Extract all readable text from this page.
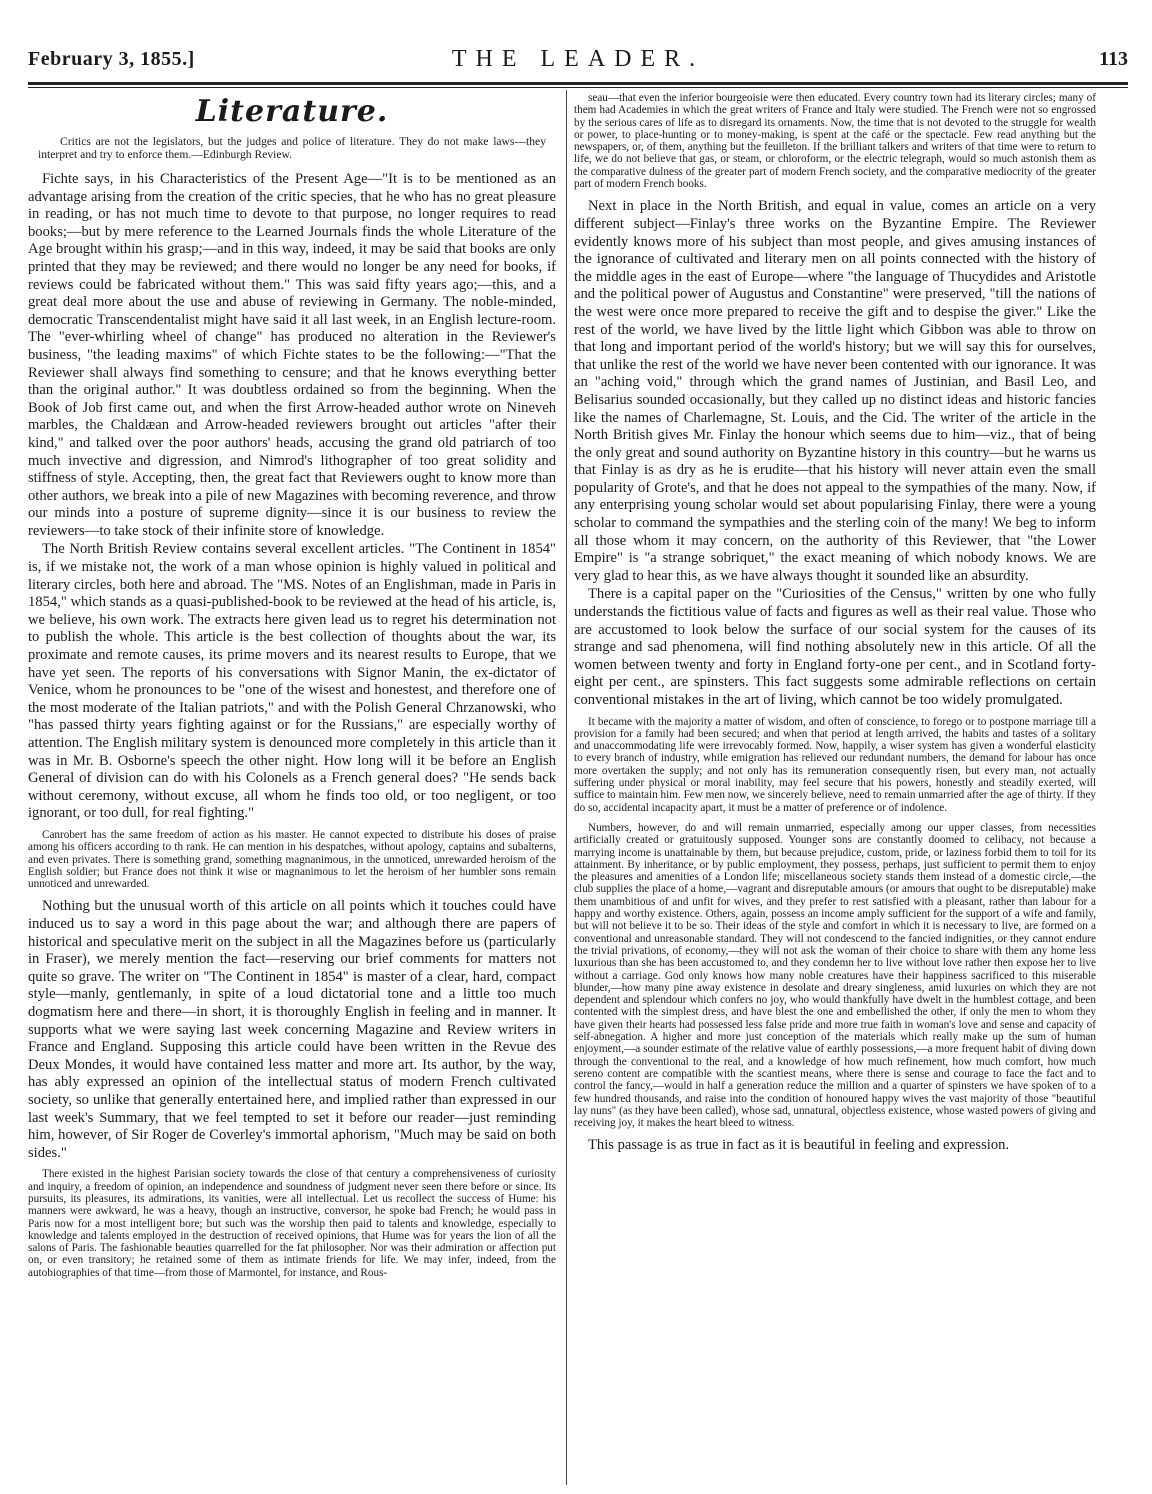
February 3, 1855.]	THE LEADER.	113
Literature.

Critics are not the legislators, but the judges and police of literature. They do not make laws—they interpret and try to enforce them.—Edinburgh Review.

Fichte says, in his Characteristics of the Present Age—"It is to be mentioned as an advantage arising from the creation of the critic species, that he who has no great pleasure in reading, or has not much time to devote to that purpose, no longer requires to read books;—but by mere reference to the Learned Journals finds the whole Literature of the Age brought within his grasp;—and in this way, indeed, it may be said that books are only printed that they may be reviewed; and there would no longer be any need for books, if reviews could be fabricated without them." This was said fifty years ago;—this, and a great deal more about the use and abuse of reviewing in Germany. The noble-minded, democratic Transcendentalist might have said it all last week, in an English lecture-room. The "ever-whirling wheel of change" has produced no alteration in the Reviewer's business, "the leading maxims" of which Fichte states to be the following:—"That the Reviewer shall always find something to censure; and that he knows everything better than the original author." It was doubtless ordained so from the beginning. When the Book of Job first came out, and when the first Arrow-headed author wrote on Nineveh marbles, the Chaldæan and Arrow-headed reviewers brought out articles "after their kind," and talked over the poor authors' heads, accusing the grand old patriarch of too much invective and digression, and Nimrod's lithographer of too great solidity and stiffness of style. Accepting, then, the great fact that Reviewers ought to know more than other authors, we break into a pile of new Magazines with becoming reverence, and throw our minds into a posture of supreme dignity—since it is our business to review the reviewers—to take stock of their infinite store of knowledge.

The North British Review contains several excellent articles. "The Continent in 1854" is, if we mistake not, the work of a man whose opinion is highly valued in political and literary circles, both here and abroad. The "MS. Notes of an Englishman, made in Paris in 1854," which stands as a quasi-published-book to be reviewed at the head of his article, is, we believe, his own work. The extracts here given lead us to regret his determination not to publish the whole. This article is the best collection of thoughts about the war, its proximate and remote causes, its prime movers and its nearest results to Europe, that we have yet seen. The reports of his conversations with Signor Manin, the ex-dictator of Venice, whom he pronounces to be "one of the wisest and honestest, and therefore one of the most moderate of the Italian patriots," and with the Polish General Chrzanowski, who "has passed thirty years fighting against or for the Russians," are especially worthy of attention. The English military system is denounced more completely in this article than it was in Mr. B. Osborne's speech the other night. How long will it be before an English General of division can do with his Colonels as a French general does? "He sends back without ceremony, without excuse, all whom he finds too old, or too negligent, or too ignorant, or too dull, for real fighting."

Canrobert has the same freedom of action as his master. He cannot expected to distribute his doses of praise among his officers according to th rank. He can mention in his despatches, without apology, captains and subalterns, and even privates. There is something grand, something magnanimous, in the unnoticed, unrewarded heroism of the English soldier; but France does not think it wise or magnanimous to let the heroism of her humbler sons remain unnoticed and unrewarded.

Nothing but the unusual worth of this article on all points which it touches could have induced us to say a word in this page about the war; and although there are papers of historical and speculative merit on the subject in all the Magazines before us (particularly in Fraser), we merely mention the fact—reserving our brief comments for matters not quite so grave. The writer on "The Continent in 1854" is master of a clear, hard, compact style—manly, gentlemanly, in spite of a loud dictatorial tone and a little too much dogmatism here and there—in short, it is thoroughly English in feeling and in manner. It supports what we were saying last week concerning Magazine and Review writers in France and England. Supposing this article could have been written in the Revue des Deux Mondes, it would have contained less matter and more art. Its author, by the way, has ably expressed an opinion of the intellectual status of modern French cultivated society, so unlike that generally entertained here, and implied rather than expressed in our last week's Summary, that we feel tempted to set it before our reader—just reminding him, however, of Sir Roger de Coverley's immortal aphorism, "Much may be said on both sides."

There existed in the highest Parisian society towards the close of that century a comprehensiveness of curiosity and inquiry, a freedom of opinion, an independence and soundness of judgment never seen there before or since. Its pursuits, its pleasures, its admirations, its vanities, were all intellectual. Let us recollect the success of Hume: his manners were awkward, he was a heavy, though an instructive, conversor, he spoke bad French; he would pass in Paris now for a most intelligent bore; but such was the worship then paid to talents and knowledge, especially to knowledge and talents employed in the destruction of received opinions, that Hume was for years the lion of all the salons of Paris. The fashionable beauties quarrelled for the fat philosopher. Nor was their admiration or affection put on, or even transitory; he retained some of them as intimate friends for life. We may infer, indeed, from the autobiographies of that time—from those of Marmontel, for instance, and Rous-

seau—that even the inferior bourgeoisie were then educated. Every country town had its literary circles; many of them had Academies in which the great writers of France and Italy were studied. The French were not so engrossed by the serious cares of life as to disregard its ornaments. Now, the time that is not devoted to the struggle for wealth or power, to place-hunting or to money-making, is spent at the café or the spectacle. Few read anything but the newspapers, or, of them, anything but the feuilleton. If the brilliant talkers and writers of that time were to return to life, we do not believe that gas, or steam, or chloroform, or the electric telegraph, would so much astonish them as the comparative dulness of the greater part of modern French society, and the comparative mediocrity of the greater part of modern French books.

Next in place in the North British, and equal in value, comes an article on a very different subject—Finlay's three works on the Byzantine Empire. The Reviewer evidently knows more of his subject than most people, and gives amusing instances of the ignorance of cultivated and literary men on all points connected with the history of the middle ages in the east of Europe—where "the language of Thucydides and Aristotle and the political power of Augustus and Constantine" were preserved, "till the nations of the west were once more prepared to receive the gift and to despise the giver." Like the rest of the world, we have lived by the little light which Gibbon was able to throw on that long and important period of the world's history; but we will say this for ourselves, that unlike the rest of the world we have never been contented with our ignorance. It was an "aching void," through which the grand names of Justinian, and Basil Leo, and Belisarius sounded occasionally, but they called up no distinct ideas and historic fancies like the names of Charlemagne, St. Louis, and the Cid. The writer of the article in the North British gives Mr. Finlay the honour which seems due to him—viz., that of being the only great and sound authority on Byzantine history in this country—but he warns us that Finlay is as dry as he is erudite—that his history will never attain even the small popularity of Grote's, and that he does not appeal to the sympathies of the many. Now, if any enterprising young scholar would set about popularising Finlay, there were a young scholar to command the sympathies and the sterling coin of the many! We beg to inform all those whom it may concern, on the authority of this Reviewer, that "the Lower Empire" is "a strange sobriquet," the exact meaning of which nobody knows. We are very glad to hear this, as we have always thought it sounded like an absurdity.

There is a capital paper on the "Curiosities of the Census," written by one who fully understands the fictitious value of facts and figures as well as their real value. Those who are accustomed to look below the surface of our social system for the causes of its strange and sad phenomena, will find nothing absolutely new in this article. Of all the women between twenty and forty in England forty-one per cent., and in Scotland forty-eight per cent., are spinsters. This fact suggests some admirable reflections on certain conventional mistakes in the art of living, which cannot be too widely promulgated.

It became with the majority a matter of wisdom, and often of conscience, to forego or to postpone marriage till a provision for a family had been secured; and when that period at length arrived, the habits and tastes of a solitary and unaccommodating life were irrevocably formed. Now, happily, a wiser system has given a wonderful elasticity to every branch of industry, while emigration has relieved our redundant numbers, the demand for labour has once more overtaken the supply; and not only has its remuneration consequently risen, but every man, not actually suffering under physical or moral inability, may feel secure that his powers, honestly and steadily exerted, will suffice to maintain him. Few men now, we sincerely believe, need to remain unmarried after the age of thirty. If they do so, accidental incapacity apart, it must be a matter of preference or of indolence.

Numbers, however, do and will remain unmarried, especially among our upper classes, from necessities artificially created or gratuitously supposed. Younger sons are constantly doomed to celibacy, not because a marrying income is unattainable by them, but because prejudice, custom, pride, or laziness forbid them to toil for its attainment. By inheritance, or by public employment, they possess, perhaps, just sufficient to permit them to enjoy the pleasures and amenities of a London life; miscellaneous society stands them instead of a domestic circle,—the club supplies the place of a home,—vagrant and disreputable amours (or amours that ought to be disreputable) make them unambitious of and unfit for wives, and they prefer to rest satisfied with a pleasant, rather than labour for a happy and worthy existence. Others, again, possess an income amply sufficient for the support of a wife and family, but will not believe it to be so. Their ideas of the style and comfort in which it is necessary to live, are formed on a conventional and unreasonable standard. They will not condescend to the fancied indignities, or they cannot endure the trivial privations, of economy,—they will not ask the woman of their choice to share with them any home less luxurious than she has been accustomed to, and they condemn her to live without love rather then expose her to live without a carriage. God only knows how many noble creatures have their happiness sacrificed to this miserable blunder,—how many pine away existence in desolate and dreary singleness, amid luxuries on which they are not dependent and splendour which confers no joy, who would thankfully have dwelt in the humblest cottage, and been contented with the simplest dress, and have blest the one and embellished the other, if only the men to whom they have given their hearts had possessed less false pride and more true faith in woman's love and sense and capacity of self-abnegation. A higher and more just conception of the materials which really make up the sum of human enjoyment,—a sounder estimate of the relative value of earthly possessions,—a more frequent habit of diving down through the conventional to the real, and a knowledge of how much refinement, how much comfort, how much sereno content are compatible with the scantiest means, where there is sense and courage to face the fact and to control the fancy,—would in half a generation reduce the million and a quarter of spinsters we have spoken of to a few hundred thousands, and raise into the condition of honoured happy wives the vast majority of those "beautiful lay nuns" (as they have been called), whose sad, unnatural, objectless existence, whose wasted powers of giving and receiving joy, it makes the heart bleed to witness.

This passage is as true in fact as it is beautiful in feeling and expression.
